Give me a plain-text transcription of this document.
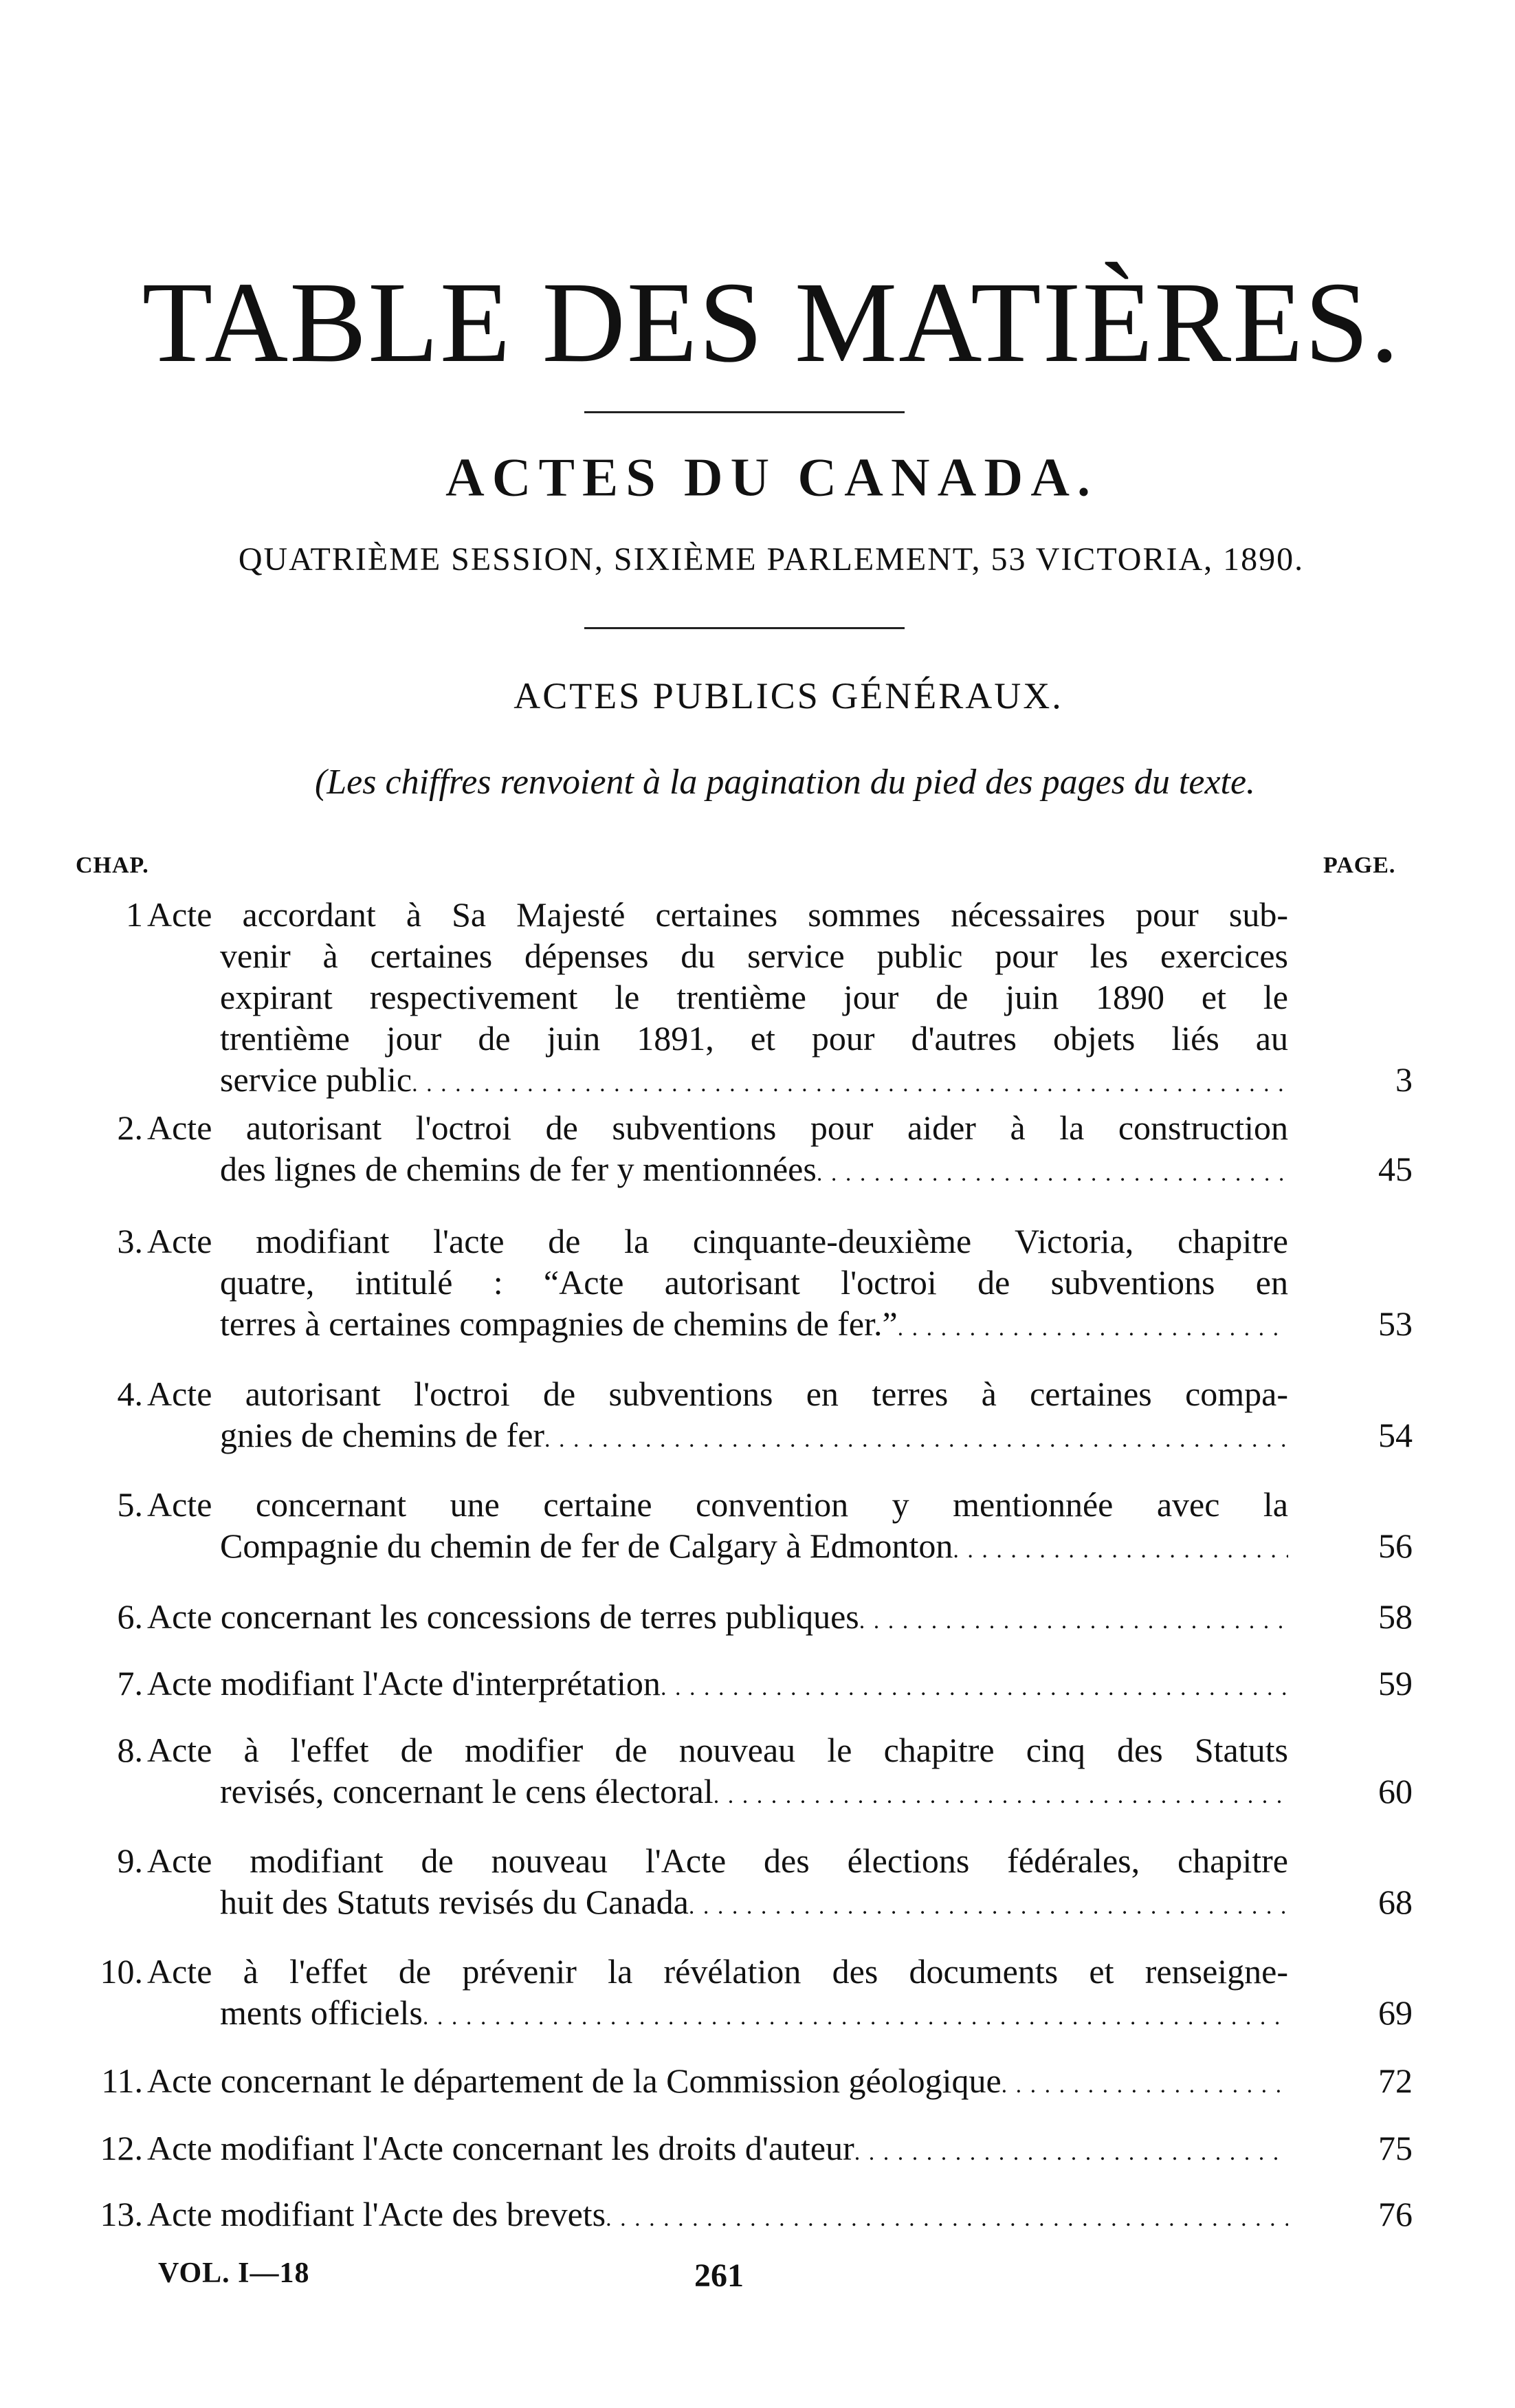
TABLE DES MATIÈRES.
ACTES DU CANADA.
QUATRIÈME SESSION, SIXIÈME PARLEMENT, 53 VICTORIA, 1890.
ACTES PUBLICS GÉNÉRAUX.
(Les chiffres renvoient à la pagination du pied des pages du texte.
CHAP.	PAGE.
1 Acte accordant à Sa Majesté certaines sommes nécessaires pour sub-
venir à certaines dépenses du service public pour les exercices
expirant respectivement le trentième jour de juin 1890 et le
trentième jour de juin 1891, et pour d'autres objets liés au
service public . . .	3
2. Acte autorisant l'octroi de subventions pour aider à la construction
des lignes de chemins de fer y mentionnées . . .	45
3. Acte modifiant l'acte de la cinquante-deuxième Victoria, chapitre
quatre, intitulé : “Acte autorisant l'octroi de subventions en
terres à certaines compagnies de chemins de fer.” . . .	53
4. Acte autorisant l'octroi de subventions en terres à certaines compa-
gnies de chemins de fer . . .	54
5. Acte concernant une certaine convention y mentionnée avec la
Compagnie du chemin de fer de Calgary à Edmonton . . .	56
6. Acte concernant les concessions de terres publiques . . .	58
7. Acte modifiant l'Acte d'interprétation . . .	59
8. Acte à l'effet de modifier de nouveau le chapitre cinq des Statuts
revisés, concernant le cens électoral . . .	60
9. Acte modifiant de nouveau l'Acte des élections fédérales, chapitre
huit des Statuts revisés du Canada . . .	68
10. Acte à l'effet de prévenir la révélation des documents et renseigne-
ments officiels . . .	69
11. Acte concernant le département de la Commission géologique . . .	72
12. Acte modifiant l'Acte concernant les droits d'auteur . . .	75
13. Acte modifiant l'Acte des brevets . . .	76
VOL. I—18	261
